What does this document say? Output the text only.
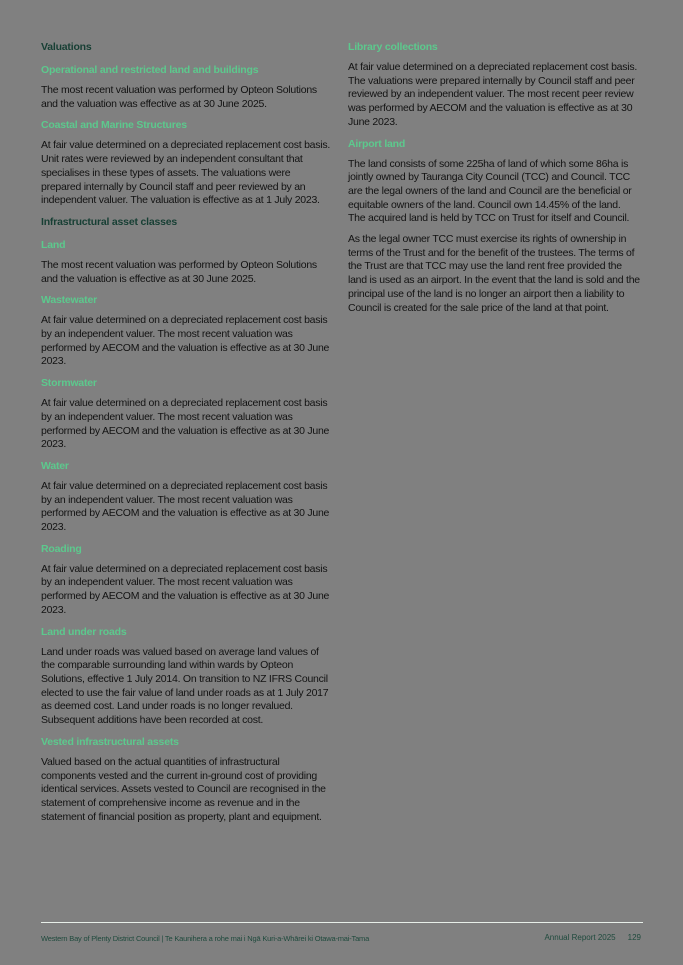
Valuations
Operational and restricted land and buildings
The most recent valuation was performed by Opteon Solutions and the valuation was effective as at 30 June 2025.
Coastal and Marine Structures
At fair value determined on a depreciated replacement cost basis. Unit rates were reviewed by an independent consultant that specialises in these types of assets. The valuations were prepared internally by Council staff and peer reviewed by an independent valuer. The valuation is effective as at 1 July 2023.
Infrastructural asset classes
Land
The most recent valuation was performed by Opteon Solutions and the valuation is effective as at 30 June 2025.
Wastewater
At fair value determined on a depreciated replacement cost basis by an independent valuer. The most recent valuation was performed by AECOM and the valuation is effective as at 30 June 2023.
Stormwater
At fair value determined on a depreciated replacement cost basis by an independent valuer. The most recent valuation was performed by AECOM and the valuation is effective as at 30 June 2023.
Water
At fair value determined on a depreciated replacement cost basis by an independent valuer. The most recent valuation was performed by AECOM and the valuation is effective as at 30 June 2023.
Roading
At fair value determined on a depreciated replacement cost basis by an independent valuer. The most recent valuation was performed by AECOM and the valuation is effective as at 30 June 2023.
Land under roads
Land under roads was valued based on average land values of the comparable surrounding land within wards by Opteon Solutions, effective 1 July 2014. On transition to NZ IFRS Council elected to use the fair value of land under roads as at 1 July 2017 as deemed cost. Land under roads is no longer revalued. Subsequent additions have been recorded at cost.
Vested infrastructural assets
Valued based on the actual quantities of infrastructural components vested and the current in-ground cost of providing identical services. Assets vested to Council are recognised in the statement of comprehensive income as revenue and in the statement of financial position as property, plant and equipment.
Library collections
At fair value determined on a depreciated replacement cost basis. The valuations were prepared internally by Council staff and peer reviewed by an independent valuer. The most recent peer review was performed by AECOM and the valuation is effective as at 30 June 2023.
Airport land
The land consists of some 225ha of land of which some 86ha is jointly owned by Tauranga City Council (TCC) and Council. TCC are the legal owners of the land and Council are the beneficial or equitable owners of the land. Council own 14.45% of the land. The acquired land is held by TCC on Trust for itself and Council.
As the legal owner TCC must exercise its rights of ownership in terms of the Trust and for the benefit of the trustees. The terms of the Trust are that TCC may use the land rent free provided the land is used as an airport. In the event that the land is sold and the principal use of the land is no longer an airport then a liability to Council is created for the sale price of the land at that point.
Western Bay of Plenty District Council | Te Kaunihera a rohe mai i Ngā Kuri-a-Whārei ki Otawa-mai-Tama	Annual Report 2025 129
